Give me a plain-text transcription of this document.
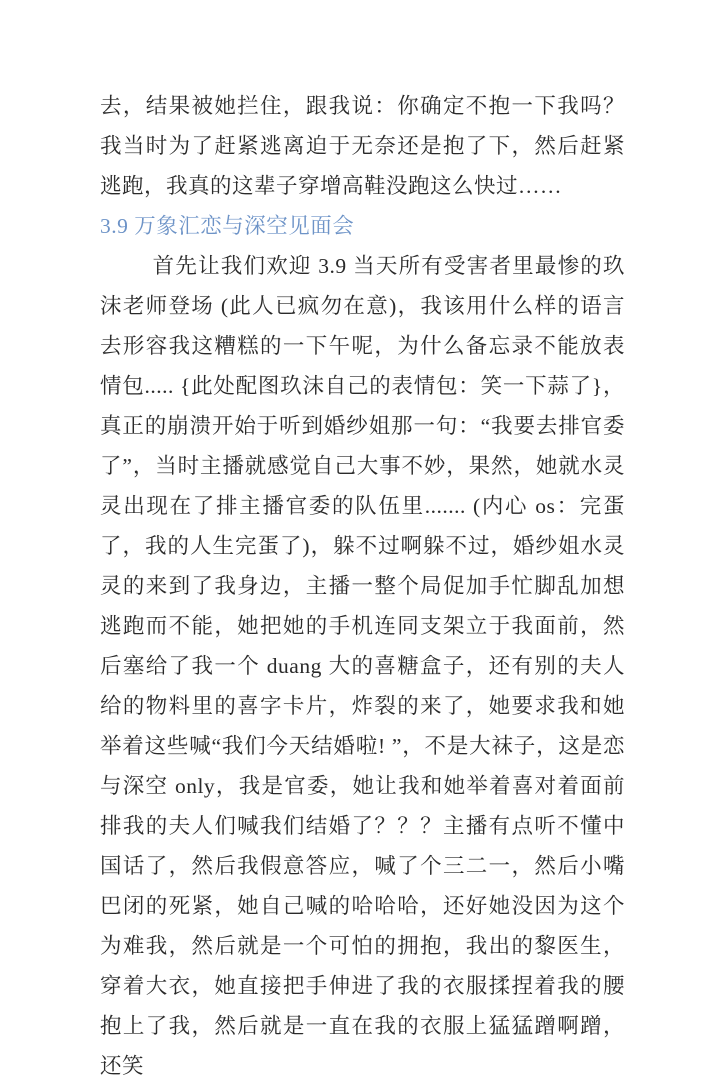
去，结果被她拦住，跟我说：你确定不抱一下我吗？我当时为了赶紧逃离迫于无奈还是抱了下，然后赶紧逃跑，我真的这辈子穿增高鞋没跑这么快过……

3.9 万象汇恋与深空见面会

首先让我们欢迎 3.9 当天所有受害者里最惨的玖沫老师登场 (此人已疯勿在意)，我该用什么样的语言去形容我这糟糕的一下午呢，为什么备忘录不能放表情包..... {此处配图玖沫自己的表情包：笑一下蒜了}，真正的崩溃开始于听到婚纱姐那一句：“我要去排官委了”，当时主播就感觉自己大事不妙，果然，她就水灵灵出现在了排主播官委的队伍里....... (内心 os：完蛋了，我的人生完蛋了)，躲不过啊躲不过，婚纱姐水灵灵的来到了我身边，主播一整个局促加手忙脚乱加想逃跑而不能，她把她的手机连同支架立于我面前，然后塞给了我一个 duang 大的喜糖盒子，还有别的夫人给的物料里的喜字卡片，炸裂的来了，她要求我和她举着这些喊“我们今天结婚啦! ”，不是大袜子，这是恋与深空 only，我是官委，她让我和她举着喜对着面前排我的夫人们喊我们结婚了？？？主播有点听不懂中国话了，然后我假意答应，喊了个三二一，然后小嘴巴闭的死紧，她自己喊的哈哈哈，还好她没因为这个为难我，然后就是一个可怕的拥抱，我出的黎医生，穿着大衣，她直接把手伸进了我的衣服揉捏着我的腰抱上了我，然后就是一直在我的衣服上猛猛蹭啊蹭，还笑
